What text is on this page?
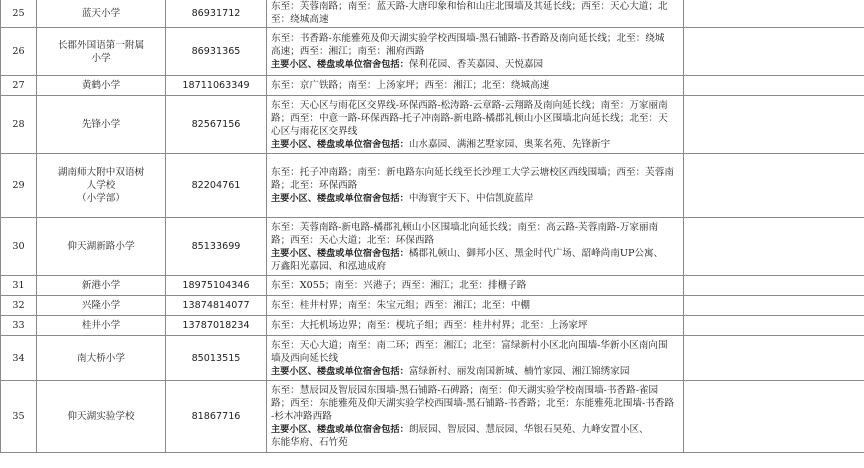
25	蓝天小学	86931712	东至：芙蓉南路；南至：蓝天路-大唐印象和怡和山庄北围墙及其延长线；西至：天心大道；北
至：绕城高速	

26	长郡外国语第一附属
小学	86931365	东至：书香路-东能雅苑及仰天湖实验学校西围墙-黑石铺路-书香路及南向延长线；北至：绕城
高速；西至：湘江；南至：湘府西路
主要小区、楼盘或单位宿舍包括：保利花园、香芙嘉园、天悦嘉园	

27	黄鹤小学	18711063349	东至：京广铁路；南至：上汤家坪；西至：湘江；北至：绕城高速	

28	先锋小学	82567156	东至：天心区与雨花区交界线-环保西路-松涛路-云章路-云翔路及南向延长线；南至：万家丽南
路；西至：中意一路-环保西路-托子冲南路-新电路-橘郡礼顿山小区围墙北向延长线；北至：天
心区与雨花区交界线
主要小区、楼盘或单位宿舍包括：山水嘉园、满湘艺墅家园、奥莱名苑、先锋新宇	

29	湖南师大附中双语树
人学校
（小学部）	82204761	东至：托子冲南路；南至：新电路东向延长线至长沙理工大学云塘校区西线围墙；西至：芙蓉南
路；北至：环保西路
主要小区、楼盘或单位宿舍包括：中海寰宇天下、中信凯旋蓝岸	

30	仰天湖新路小学	85133699	东至：芙蓉南路-新电路-橘郡礼顿山小区围墙北向延长线；南至：高云路-芙蓉南路-万家丽南
路；西至：天心大道；北至：环保西路
主要小区、楼盘或单位宿舍包括：橘郡礼顿山、御邦小区、黑金时代广场、韶峰尚南UP公寓、
万鑫阳光嘉园、和泓迪成府	

31	新港小学	18975104346	东至：X055；南至：兴港子；西至：湘江；北至：排栅子路	

32	兴隆小学	13874814077	东至：桂井村界；南至：朱宝元组；西至：湘江；北至：中棚	

33	桂井小学	13787018234	东至：大托机场边界；南至：枧坑子组；西至：桂井村界；北至：上汤家坪	

34	南大桥小学	85013515	东至：天心大道；南至：南二环；西至：湘江；北至：富绿新村小区北向围墙-华新小区南向围
墙及西向延长线
主要小区、楼盘或单位宿舍包括：富绿新村、丽发南国新城、楠竹家园、湘江锦绣家园	

35	仰天湖实验学校	81867716	东至：慧辰园及智辰园东围墙-黑石铺路-石碑路；南至：仰天湖实验学校南围墙-书香路-雀园
路；西至：东能雅苑及仰天湖实验学校西围墙-黑石铺路-书香路；北至：东能雅苑北围墙-书香路
-杉木冲路西路
主要小区、楼盘或单位宿舍包括：朗辰园、智辰园、慧辰园、华银石昊苑、九峰安置小区、
东能华府、石竹苑	
